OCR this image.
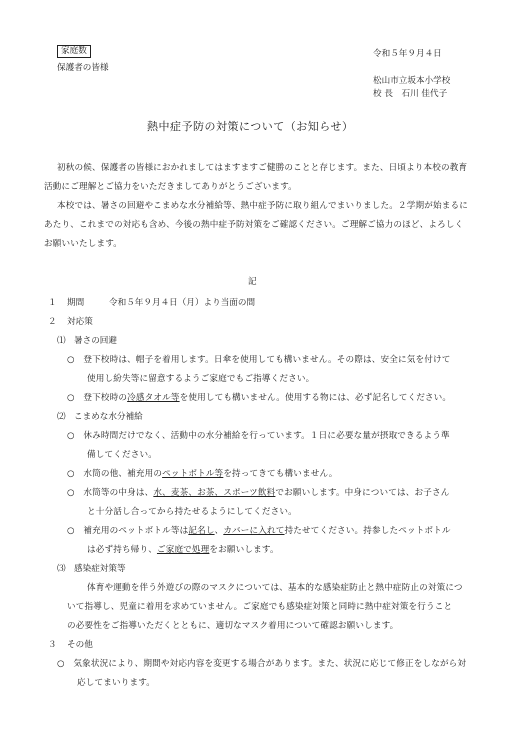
家庭数
保護者の皆様
令和５年９月４日
松山市立坂本小学校
校 長　石川 佳代子
熱中症予防の対策について（お知らせ）
初秋の候、保護者の皆様におかれましてはますますご健勝のことと存じます。また、日頃より本校の教育
活動にご理解とご協力をいただきましてありがとうございます。
本校では、暑さの回避やこまめな水分補給等、熱中症予防に取り組んでまいりました。２学期が始まるに
あたり、これまでの対応も含め、今後の熱中症予防対策をご確認ください。ご理解ご協力のほど、よろしく
お願いいたします。
記
１ 期間	令和５年９月４日（月）より当面の間
２ 対応策
⑴ 暑さの回避
○　登下校時は、帽子を着用します。日傘を使用しても構いません。その際は、安全に気を付けて
使用し紛失等に留意するようご家庭でもご指導ください。
○　登下校時の冷感タオル等を使用しても構いません。使用する物には、必ず記名してください。
⑵ こまめな水分補給
○　休み時間だけでなく、活動中の水分補給を行っています。１日に必要な量が摂取できるよう準
備してください。
○　水筒の他、補充用のペットボトル等を持ってきても構いません。
○　水筒等の中身は、水、麦茶、お茶、スポーツ飲料でお願いします。中身については、お子さん
と十分話し合ってから持たせるようにしてください。
○　補充用のペットボトル等は記名し、カバーに入れて持たせてください。持参したペットボトル
は必ず持ち帰り、ご家庭で処理をお願いします。
⑶ 感染症対策等
体育や運動を伴う外遊びの際のマスクについては、基本的な感染症防止と熱中症防止の対策につ
いて指導し、児童に着用を求めていません。ご家庭でも感染症対策と同時に熱中症対策を行うこと
の必要性をご指導いただくとともに、適切なマスク着用について確認お願いします。
３ その他
○　気象状況により、期間や対応内容を変更する場合があります。また、状況に応じて修正をしながら対
応してまいります。
